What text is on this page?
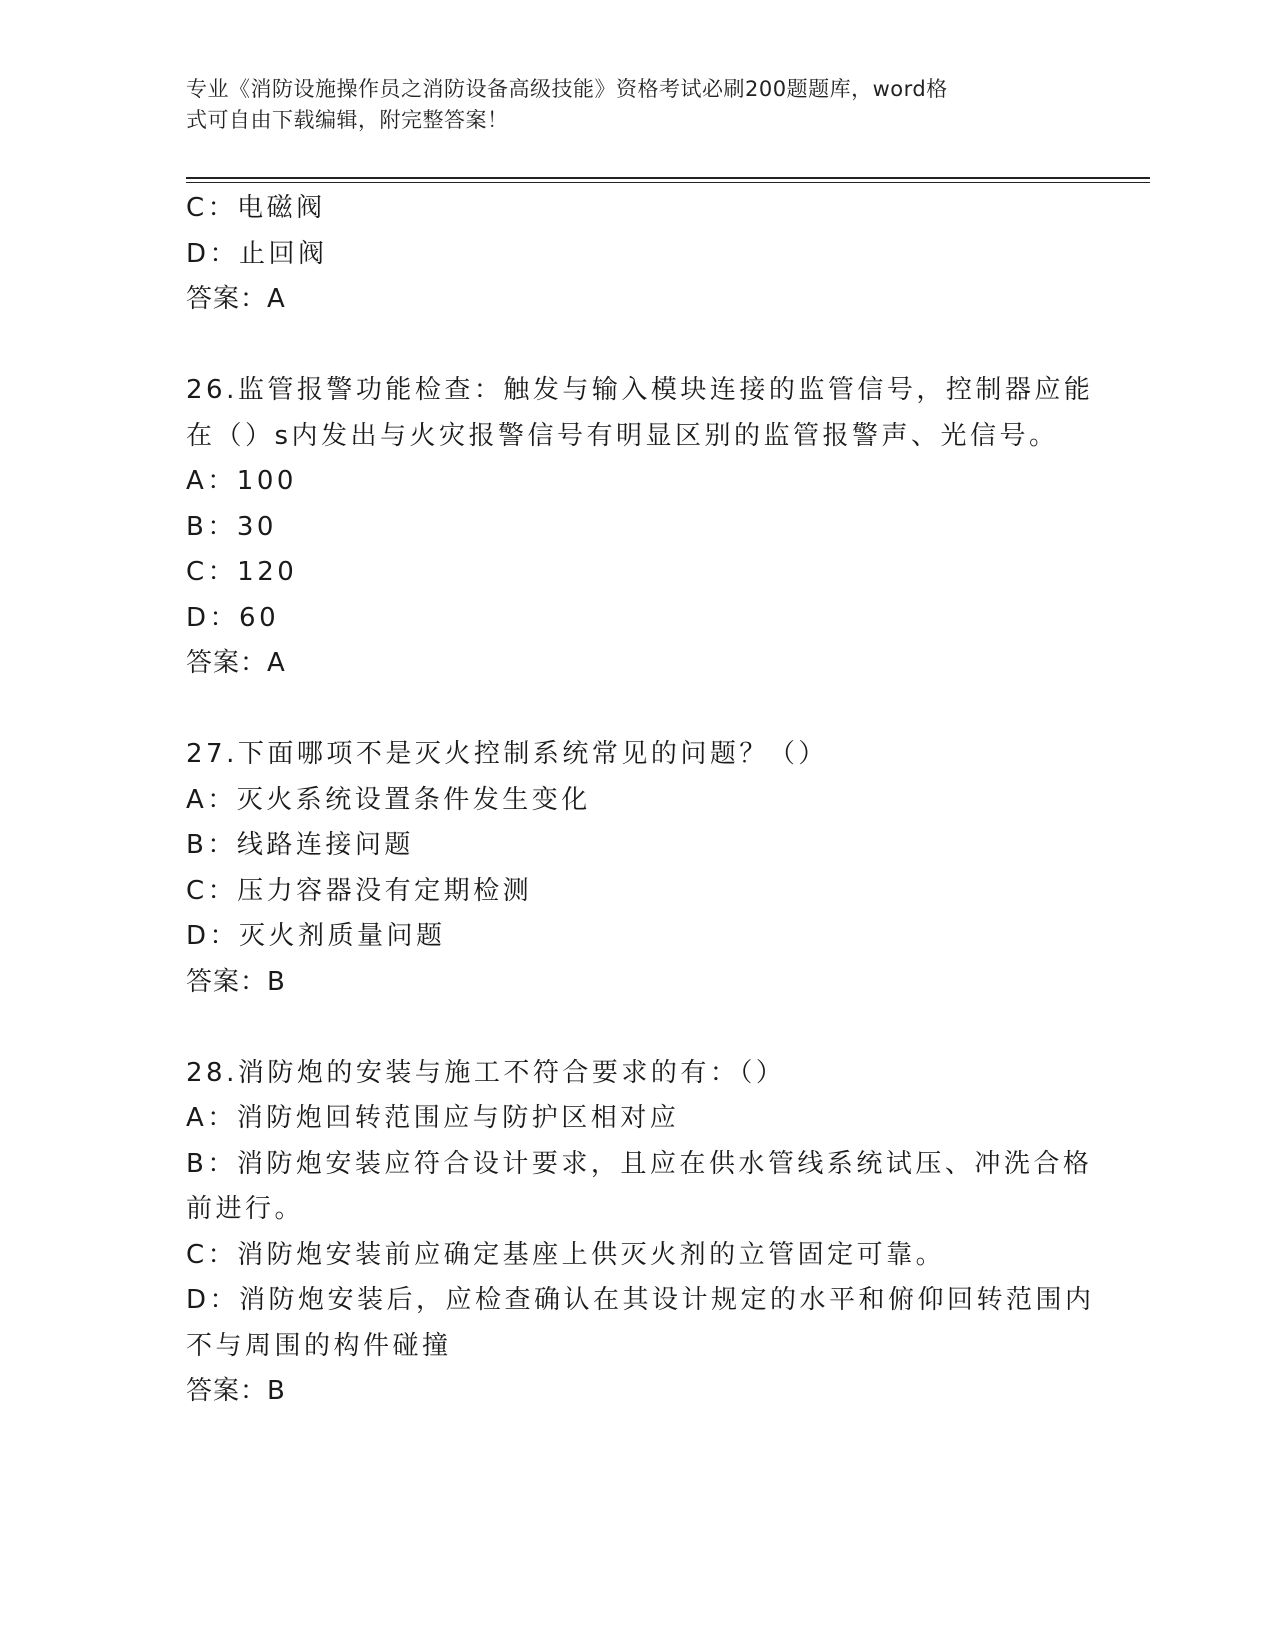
专业《消防设施操作员之消防设备高级技能》资格考试必刷200题题库，word格
式可自由下载编辑，附完整答案！
C：电磁阀
D：止回阀
答案：A
26.监管报警功能检查：触发与输入模块连接的监管信号，控制器应能
在（）s内发出与火灾报警信号有明显区别的监管报警声、光信号。
A：100
B：30
C：120
D：60
答案：A
27.下面哪项不是灭火控制系统常见的问题？（）
A：灭火系统设置条件发生变化
B：线路连接问题
C：压力容器没有定期检测
D：灭火剂质量问题
答案：B
28.消防炮的安装与施工不符合要求的有：（）
A：消防炮回转范围应与防护区相对应
B：消防炮安装应符合设计要求，且应在供水管线系统试压、冲洗合格
前进行。
C：消防炮安装前应确定基座上供灭火剂的立管固定可靠。
D：消防炮安装后，应检查确认在其设计规定的水平和俯仰回转范围内
不与周围的构件碰撞
答案：B
